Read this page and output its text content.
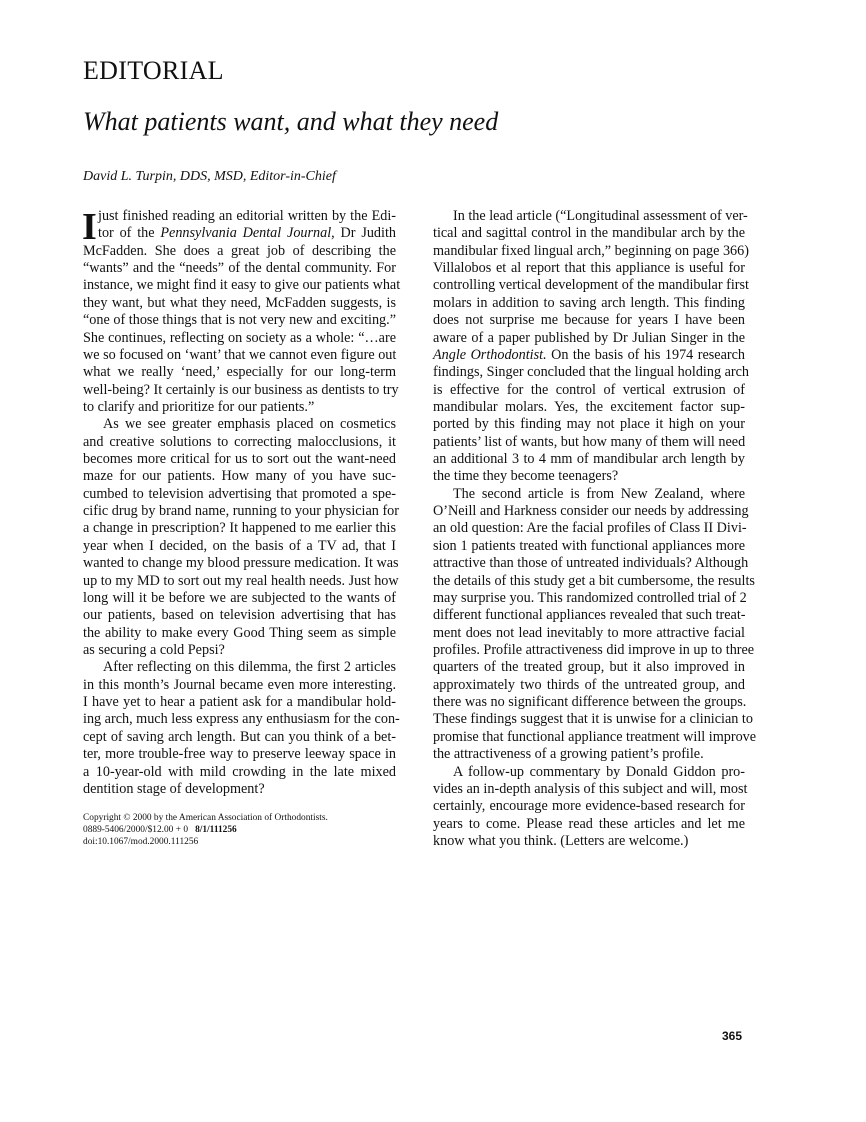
EDITORIAL
What patients want, and what they need
David L. Turpin, DDS, MSD, Editor-in-Chief
I just finished reading an editorial written by the Edi-
tor of the Pennsylvania Dental Journal, Dr Judith
McFadden. She does a great job of describing the
“wants” and the “needs” of the dental community. For
instance, we might find it easy to give our patients what
they want, but what they need, McFadden suggests, is
“one of those things that is not very new and exciting.”
She continues, reflecting on society as a whole: “…are
we so focused on ‘want’ that we cannot even figure out
what we really ‘need,’ especially for our long-term
well-being? It certainly is our business as dentists to try
to clarify and prioritize for our patients.”
As we see greater emphasis placed on cosmetics
and creative solutions to correcting malocclusions, it
becomes more critical for us to sort out the want-need
maze for our patients. How many of you have suc-
cumbed to television advertising that promoted a spe-
cific drug by brand name, running to your physician for
a change in prescription? It happened to me earlier this
year when I decided, on the basis of a TV ad, that I
wanted to change my blood pressure medication. It was
up to my MD to sort out my real health needs. Just how
long will it be before we are subjected to the wants of
our patients, based on television advertising that has
the ability to make every Good Thing seem as simple
as securing a cold Pepsi?
After reflecting on this dilemma, the first 2 articles
in this month’s Journal became even more interesting.
I have yet to hear a patient ask for a mandibular hold-
ing arch, much less express any enthusiasm for the con-
cept of saving arch length. But can you think of a bet-
ter, more trouble-free way to preserve leeway space in
a 10-year-old with mild crowding in the late mixed
dentition stage of development?
In the lead article (“Longitudinal assessment of ver-
tical and sagittal control in the mandibular arch by the
mandibular fixed lingual arch,” beginning on page 366)
Villalobos et al report that this appliance is useful for
controlling vertical development of the mandibular first
molars in addition to saving arch length. This finding
does not surprise me because for years I have been
aware of a paper published by Dr Julian Singer in the
Angle Orthodontist. On the basis of his 1974 research
findings, Singer concluded that the lingual holding arch
is effective for the control of vertical extrusion of
mandibular molars. Yes, the excitement factor sup-
ported by this finding may not place it high on your
patients’ list of wants, but how many of them will need
an additional 3 to 4 mm of mandibular arch length by
the time they become teenagers?
The second article is from New Zealand, where
O’Neill and Harkness consider our needs by addressing
an old question: Are the facial profiles of Class II Divi-
sion 1 patients treated with functional appliances more
attractive than those of untreated individuals? Although
the details of this study get a bit cumbersome, the results
may surprise you. This randomized controlled trial of 2
different functional appliances revealed that such treat-
ment does not lead inevitably to more attractive facial
profiles. Profile attractiveness did improve in up to three
quarters of the treated group, but it also improved in
approximately two thirds of the untreated group, and
there was no significant difference between the groups.
These findings suggest that it is unwise for a clinician to
promise that functional appliance treatment will improve
the attractiveness of a growing patient’s profile.
A follow-up commentary by Donald Giddon pro-
vides an in-depth analysis of this subject and will, most
certainly, encourage more evidence-based research for
years to come. Please read these articles and let me
know what you think. (Letters are welcome.)
Copyright © 2000 by the American Association of Orthodontists.
0889-5406/2000/$12.00 + 0 8/1/111256
doi:10.1067/mod.2000.111256
365
